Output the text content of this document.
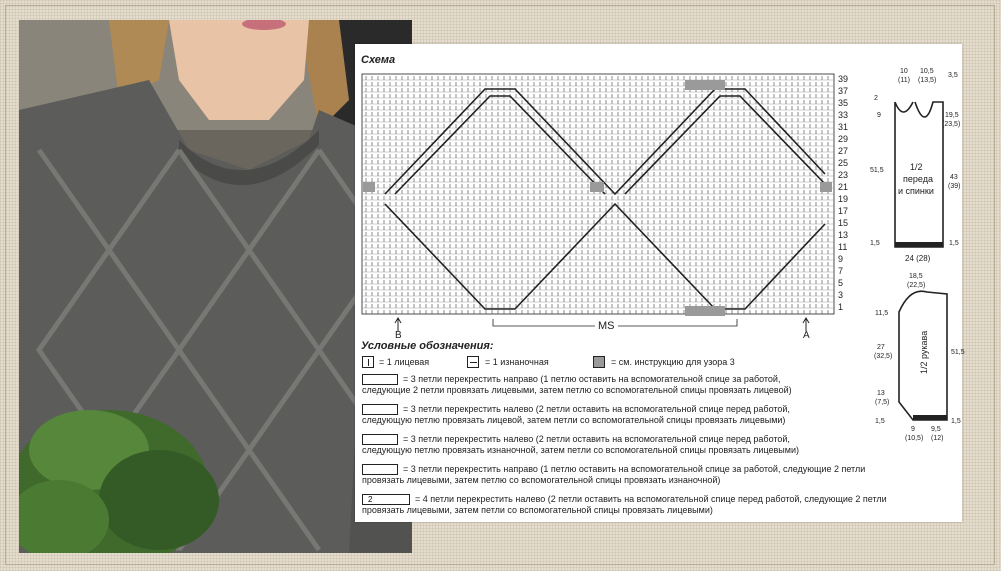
Схема
39
37
35
33
31
29
27
25
23
21
19
17
15
13
11
9
7
5
3
1
B
MS
A
Условные обозначения:
= 1 лицевая	= 1 изнаночная	= см. инструкцию для узора 3
= 3 петли перекрестить направо (1 петлю оставить на вспомогательной спице за работой,
следующие 2 петли провязать лицевыми, затем петлю со вспомогательной спицы провязать лицевой)
= 3 петли перекрестить налево (2 петли оставить на вспомогательной спице перед работой,
следующую петлю провязать лицевой, затем петли со вспомогательной спицы провязать лицевыми)
= 3 петли перекрестить налево (2 петли оставить на вспомогательной спице перед работой,
следующую петлю провязать изнаночной, затем петли со вспомогательной спицы провязать лицевыми)
= 3 петли перекрестить направо (1 петлю оставить на вспомогательной спице за работой, следующие 2 петли
провязать лицевыми, затем петлю со вспомогательной спицы провязать изнаночной)
2	= 4 петли перекрестить налево (2 петли оставить на вспомогательной спице перед работой, следующие 2 петли
провязать лицевыми, затем петли со вспомогательной спицы провязать лицевыми)
10
(11)
10,5
(13,5)
3,5
2
9	19,5
(23,5)
51,5	1/2
переда
и спинки
43
(39)
1,5	1,5
24 (28)
18,5
(22,5)
11,5
27
(32,5)	1/2 рукава	51,5
13
(7,5)
1,5	1,5
9
(10,5)
9,5
(12)
